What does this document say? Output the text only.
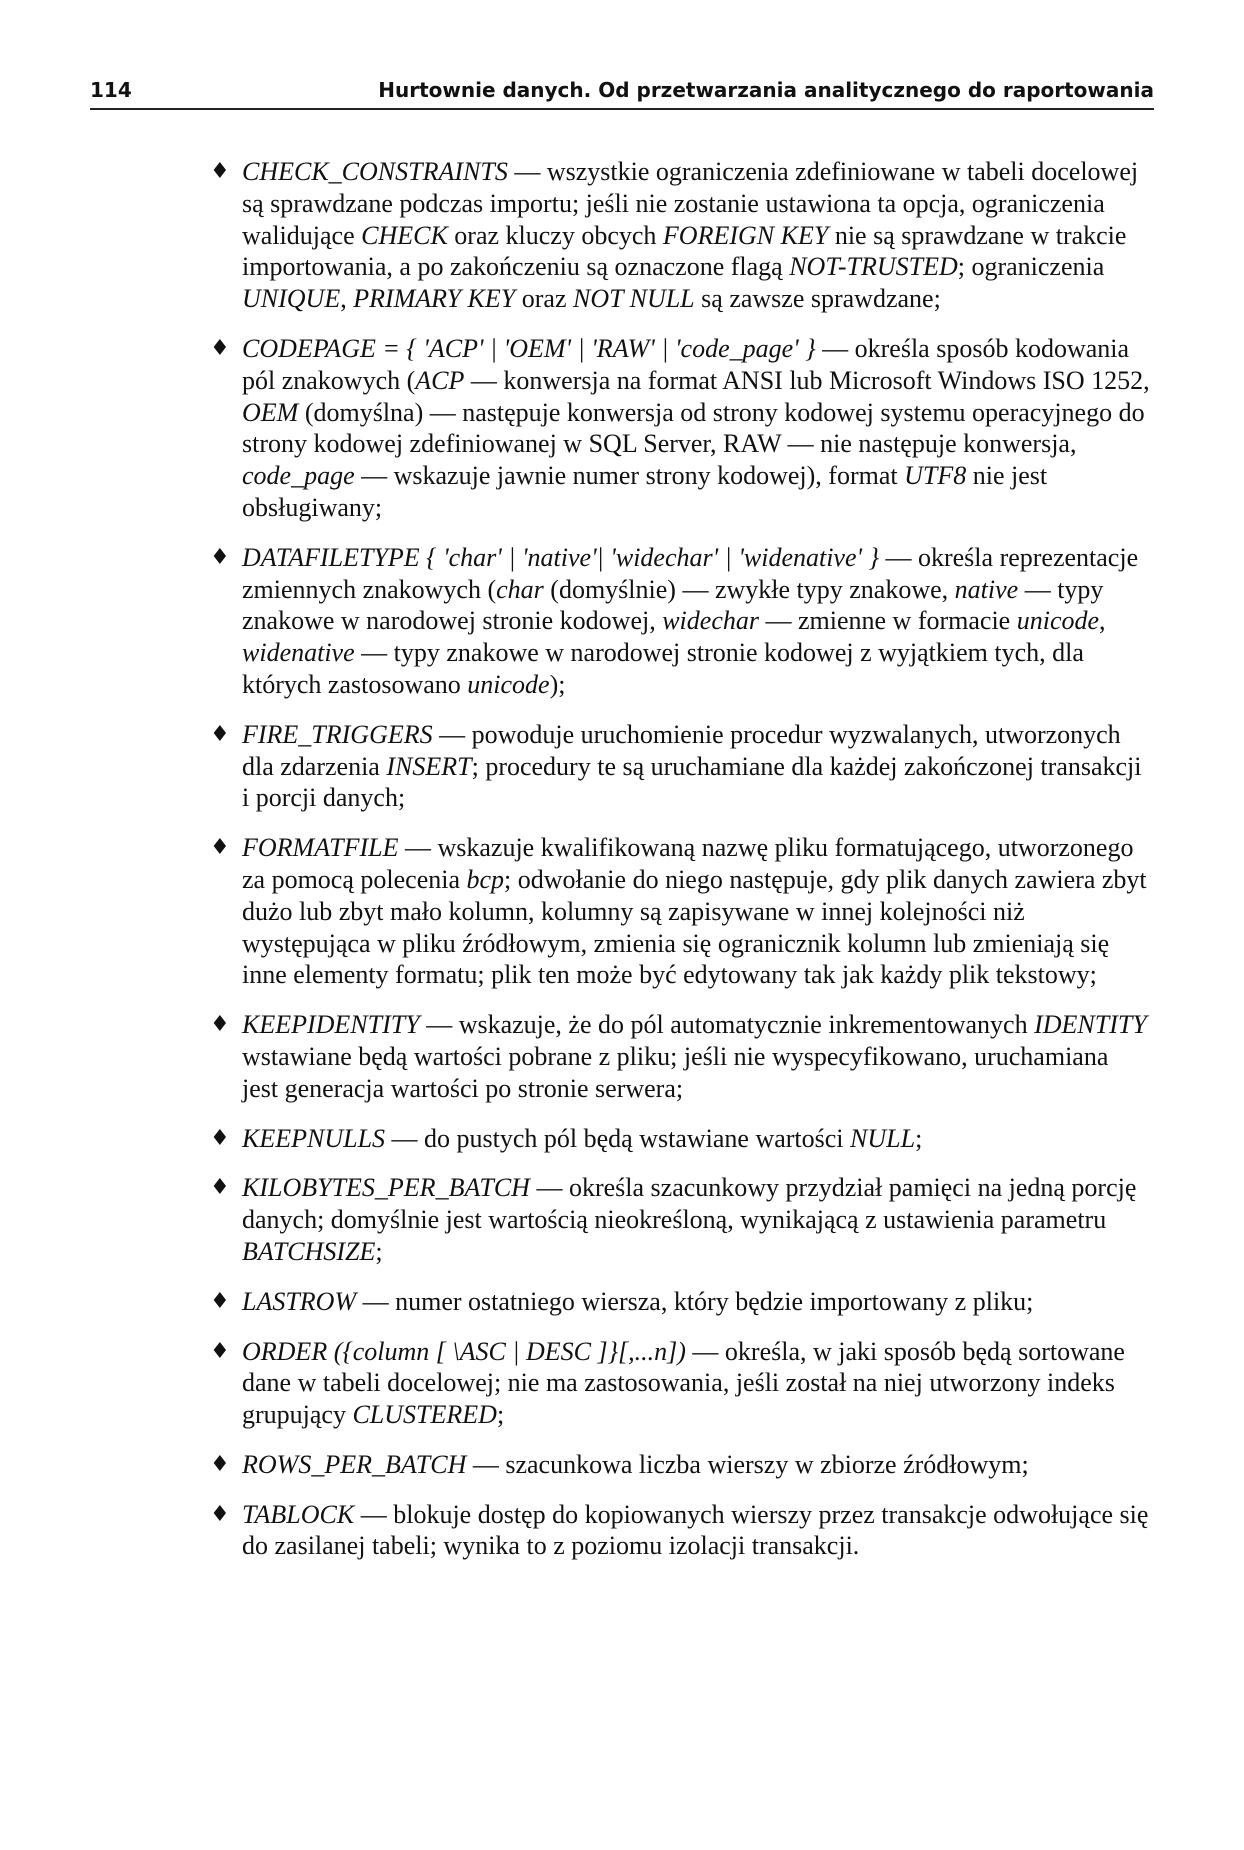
114	Hurtownie danych. Od przetwarzania analitycznego do raportowania
♦ CHECK_CONSTRAINTS — wszystkie ograniczenia zdefiniowane w tabeli docelowej są sprawdzane podczas importu; jeśli nie zostanie ustawiona ta opcja, ograniczenia walidujące CHECK oraz kluczy obcych FOREIGN KEY nie są sprawdzane w trakcie importowania, a po zakończeniu są oznaczone flagą NOT-TRUSTED; ograniczenia UNIQUE, PRIMARY KEY oraz NOT NULL są zawsze sprawdzane;
♦ CODEPAGE = { 'ACP' | 'OEM' | 'RAW' | 'code_page' } — określa sposób kodowania pól znakowych (ACP — konwersja na format ANSI lub Microsoft Windows ISO 1252, OEM (domyślna) — następuje konwersja od strony kodowej systemu operacyjnego do strony kodowej zdefiniowanej w SQL Server, RAW — nie następuje konwersja, code_page — wskazuje jawnie numer strony kodowej), format UTF8 nie jest obsługiwany;
♦ DATAFILETYPE { 'char' | 'native'| 'widechar' | 'widenative' } — określa reprezentacje zmiennych znakowych (char (domyślnie) — zwykłe typy znakowe, native — typy znakowe w narodowej stronie kodowej, widechar — zmienne w formacie unicode, widenative — typy znakowe w narodowej stronie kodowej z wyjątkiem tych, dla których zastosowano unicode);
♦ FIRE_TRIGGERS — powoduje uruchomienie procedur wyzwalanych, utworzonych dla zdarzenia INSERT; procedury te są uruchamiane dla każdej zakończonej transakcji i porcji danych;
♦ FORMATFILE — wskazuje kwalifikowaną nazwę pliku formatującego, utworzonego za pomocą polecenia bcp; odwołanie do niego następuje, gdy plik danych zawiera zbyt dużo lub zbyt mało kolumn, kolumny są zapisywane w innej kolejności niż występująca w pliku źródłowym, zmienia się ogranicznik kolumn lub zmieniają się inne elementy formatu; plik ten może być edytowany tak jak każdy plik tekstowy;
♦ KEEPIDENTITY — wskazuje, że do pól automatycznie inkrementowanych IDENTITY wstawiane będą wartości pobrane z pliku; jeśli nie wyspecyfikowano, uruchamiana jest generacja wartości po stronie serwera;
♦ KEEPNULLS — do pustych pól będą wstawiane wartości NULL;
♦ KILOBYTES_PER_BATCH — określa szacunkowy przydział pamięci na jedną porcję danych; domyślnie jest wartością nieokreśloną, wynikającą z ustawienia parametru BATCHSIZE;
♦ LASTROW — numer ostatniego wiersza, który będzie importowany z pliku;
♦ ORDER ({column [ \ASC | DESC ]}[,...n]) — określa, w jaki sposób będą sortowane dane w tabeli docelowej; nie ma zastosowania, jeśli został na niej utworzony indeks grupujący CLUSTERED;
♦ ROWS_PER_BATCH — szacunkowa liczba wierszy w zbiorze źródłowym;
♦ TABLOCK — blokuje dostęp do kopiowanych wierszy przez transakcje odwołujące się do zasilanej tabeli; wynika to z poziomu izolacji transakcji.
